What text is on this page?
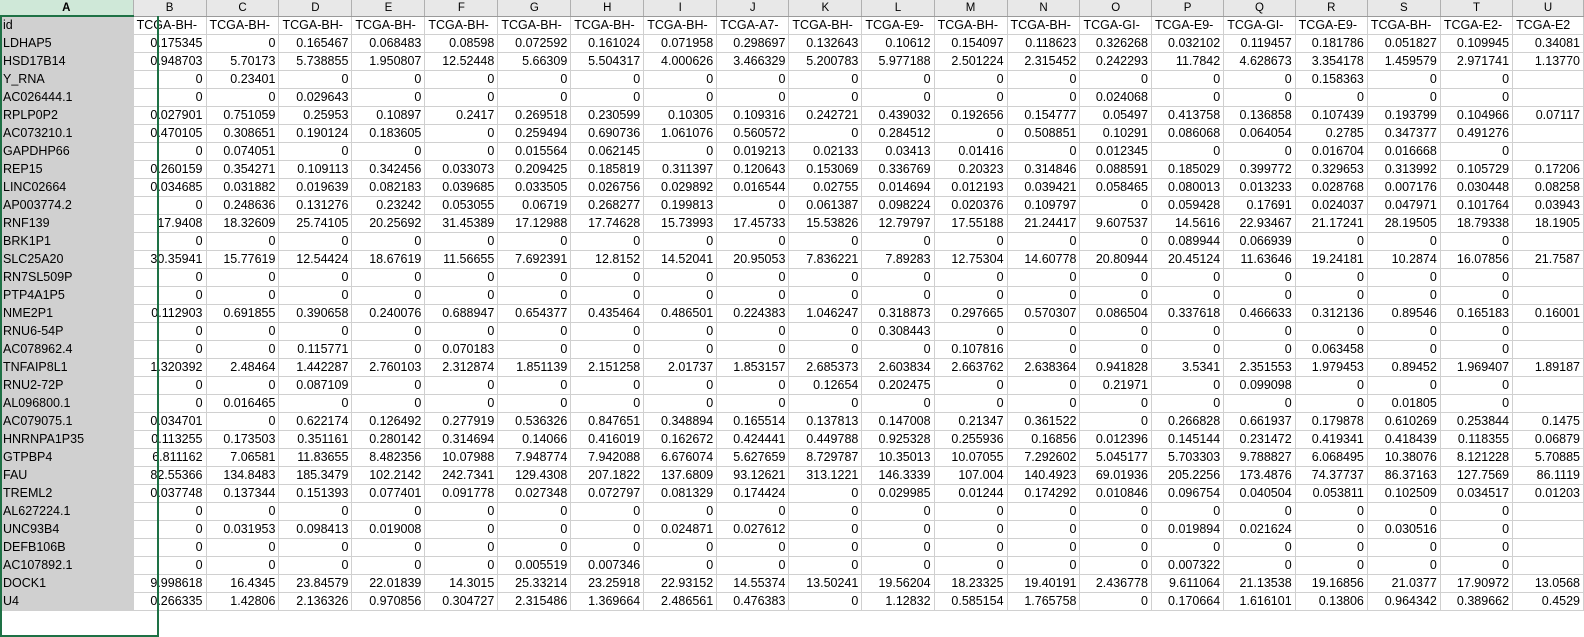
A	B	C	D	E	F	G	H	I	J	K	L	M	N	O	P	Q	R	S	T	U
id	TCGA-BH-	TCGA-BH-	TCGA-BH-	TCGA-BH-	TCGA-BH-	TCGA-BH-	TCGA-BH-	TCGA-BH-	TCGA-A7-	TCGA-BH-	TCGA-E9-	TCGA-BH-	TCGA-BH-	TCGA-GI-	TCGA-E9-	TCGA-GI-	TCGA-E9-	TCGA-BH-	TCGA-E2-	TCGA-E2
LDHAP5	0.175345	0	0.165467	0.068483	0.08598	0.072592	0.161024	0.071958	0.298697	0.132643	0.10612	0.154097	0.118623	0.326268	0.032102	0.119457	0.181786	0.051827	0.109945	0.34081
HSD17B14	0.948703	5.70173	5.738855	1.950807	12.52448	5.66309	5.504317	4.000626	3.466329	5.200783	5.977188	2.501224	2.315452	0.242293	11.7842	4.628673	3.354178	1.459579	2.971741	1.13770
Y_RNA	0	0.23401	0	0	0	0	0	0	0	0	0	0	0	0	0	0	0.158363	0	0	
AC026444.1	0	0	0.029643	0	0	0	0	0	0	0	0	0	0	0.024068	0	0	0	0	0	
RPLP0P2	0.027901	0.751059	0.25953	0.10897	0.2417	0.269518	0.230599	0.10305	0.109316	0.242721	0.439032	0.192656	0.154777	0.05497	0.413758	0.136858	0.107439	0.193799	0.104966	0.07117
AC073210.1	0.470105	0.308651	0.190124	0.183605	0	0.259494	0.690736	1.061076	0.560572	0	0.284512	0	0.508851	0.10291	0.086068	0.064054	0.2785	0.347377	0.491276	
GAPDHP66	0	0.074051	0	0	0	0.015564	0.062145	0	0.019213	0.02133	0.03413	0.01416	0	0.012345	0	0	0.016704	0.016668	0	
REP15	0.260159	0.354271	0.109113	0.342456	0.033073	0.209425	0.185819	0.311397	0.120643	0.153069	0.336769	0.20323	0.314846	0.088591	0.185029	0.399772	0.329653	0.313992	0.105729	0.17206
LINC02664	0.034685	0.031882	0.019639	0.082183	0.039685	0.033505	0.026756	0.029892	0.016544	0.02755	0.014694	0.012193	0.039421	0.058465	0.080013	0.013233	0.028768	0.007176	0.030448	0.08258
AP003774.2	0	0.248636	0.131276	0.23242	0.053055	0.06719	0.268277	0.199813	0	0.061387	0.098224	0.020376	0.109797	0	0.059428	0.17691	0.024037	0.047971	0.101764	0.03943
RNF139	17.9408	18.32609	25.74105	20.25692	31.45389	17.12988	17.74628	15.73993	17.45733	15.53826	12.79797	17.55188	21.24417	9.607537	14.5616	22.93467	21.17241	28.19505	18.79338	18.1905
BRK1P1	0	0	0	0	0	0	0	0	0	0	0	0	0	0	0.089944	0.066939	0	0	0	
SLC25A20	30.35941	15.77619	12.54424	18.67619	11.56655	7.692391	12.8152	14.52041	20.95053	7.836221	7.89283	12.75304	14.60778	20.80944	20.45124	11.63646	19.24181	10.2874	16.07856	21.7587
RN7SL509P	0	0	0	0	0	0	0	0	0	0	0	0	0	0	0	0	0	0	0	
PTP4A1P5	0	0	0	0	0	0	0	0	0	0	0	0	0	0	0	0	0	0	0	
NME2P1	0.112903	0.691855	0.390658	0.240076	0.688947	0.654377	0.435464	0.486501	0.224383	1.046247	0.318873	0.297665	0.570307	0.086504	0.337618	0.466633	0.312136	0.89546	0.165183	0.16001
RNU6-54P	0	0	0	0	0	0	0	0	0	0	0.308443	0	0	0	0	0	0	0	0	
AC078962.4	0	0	0.115771	0	0.070183	0	0	0	0	0	0	0.107816	0	0	0	0	0.063458	0	0	
TNFAIP8L1	1.320392	2.48464	1.442287	2.760103	2.312874	1.851139	2.151258	2.01737	1.853157	2.685373	2.603834	2.663762	2.638364	0.941828	3.5341	2.351553	1.979453	0.89452	1.969407	1.89187
RNU2-72P	0	0	0.087109	0	0	0	0	0	0	0.12654	0.202475	0	0	0.21971	0	0.099098	0	0	0	
AL096800.1	0	0.016465	0	0	0	0	0	0	0	0	0	0	0	0	0	0	0	0.01805	0	
AC079075.1	0.034701	0	0.622174	0.126492	0.277919	0.536326	0.847651	0.348894	0.165514	0.137813	0.147008	0.21347	0.361522	0	0.266828	0.661937	0.179878	0.610269	0.253844	0.1475
HNRNPA1P35	0.113255	0.173503	0.351161	0.280142	0.314694	0.14066	0.416019	0.162672	0.424441	0.449788	0.925328	0.255936	0.16856	0.012396	0.145144	0.231472	0.419341	0.418439	0.118355	0.06879
GTPBP4	6.811162	7.06581	11.83655	8.482356	10.07988	7.948774	7.942088	6.676074	5.627659	8.729787	10.35013	10.07055	7.292602	5.045177	5.703303	9.788827	6.068495	10.38076	8.121228	5.70885
FAU	82.55366	134.8483	185.3479	102.2142	242.7341	129.4308	207.1822	137.6809	93.12621	313.1221	146.3339	107.004	140.4923	69.01936	205.2256	173.4876	74.37737	86.37163	127.7569	86.1119
TREML2	0.037748	0.137344	0.151393	0.077401	0.091778	0.027348	0.072797	0.081329	0.174424	0	0.029985	0.01244	0.174292	0.010846	0.096754	0.040504	0.053811	0.102509	0.034517	0.01203
AL627224.1	0	0	0	0	0	0	0	0	0	0	0	0	0	0	0	0	0	0	0	
UNC93B4	0	0.031953	0.098413	0.019008	0	0	0	0.024871	0.027612	0	0	0	0	0	0.019894	0.021624	0	0.030516	0	
DEFB106B	0	0	0	0	0	0	0	0	0	0	0	0	0	0	0	0	0	0	0	
AC107892.1	0	0	0	0	0	0.005519	0.007346	0	0	0	0	0	0	0	0.007322	0	0	0	0	
DOCK1	9.998618	16.4345	23.84579	22.01839	14.3015	25.33214	23.25918	22.93152	14.55374	13.50241	19.56204	18.23325	19.40191	2.436778	9.611064	21.13538	19.16856	21.0377	17.90972	13.0568
U4	0.266335	1.42806	2.136326	0.970856	0.304727	2.315486	1.369664	2.486561	0.476383	0	1.12832	0.585154	1.765758	0	0.170664	1.616101	0.13806	0.964342	0.389662	0.4529
